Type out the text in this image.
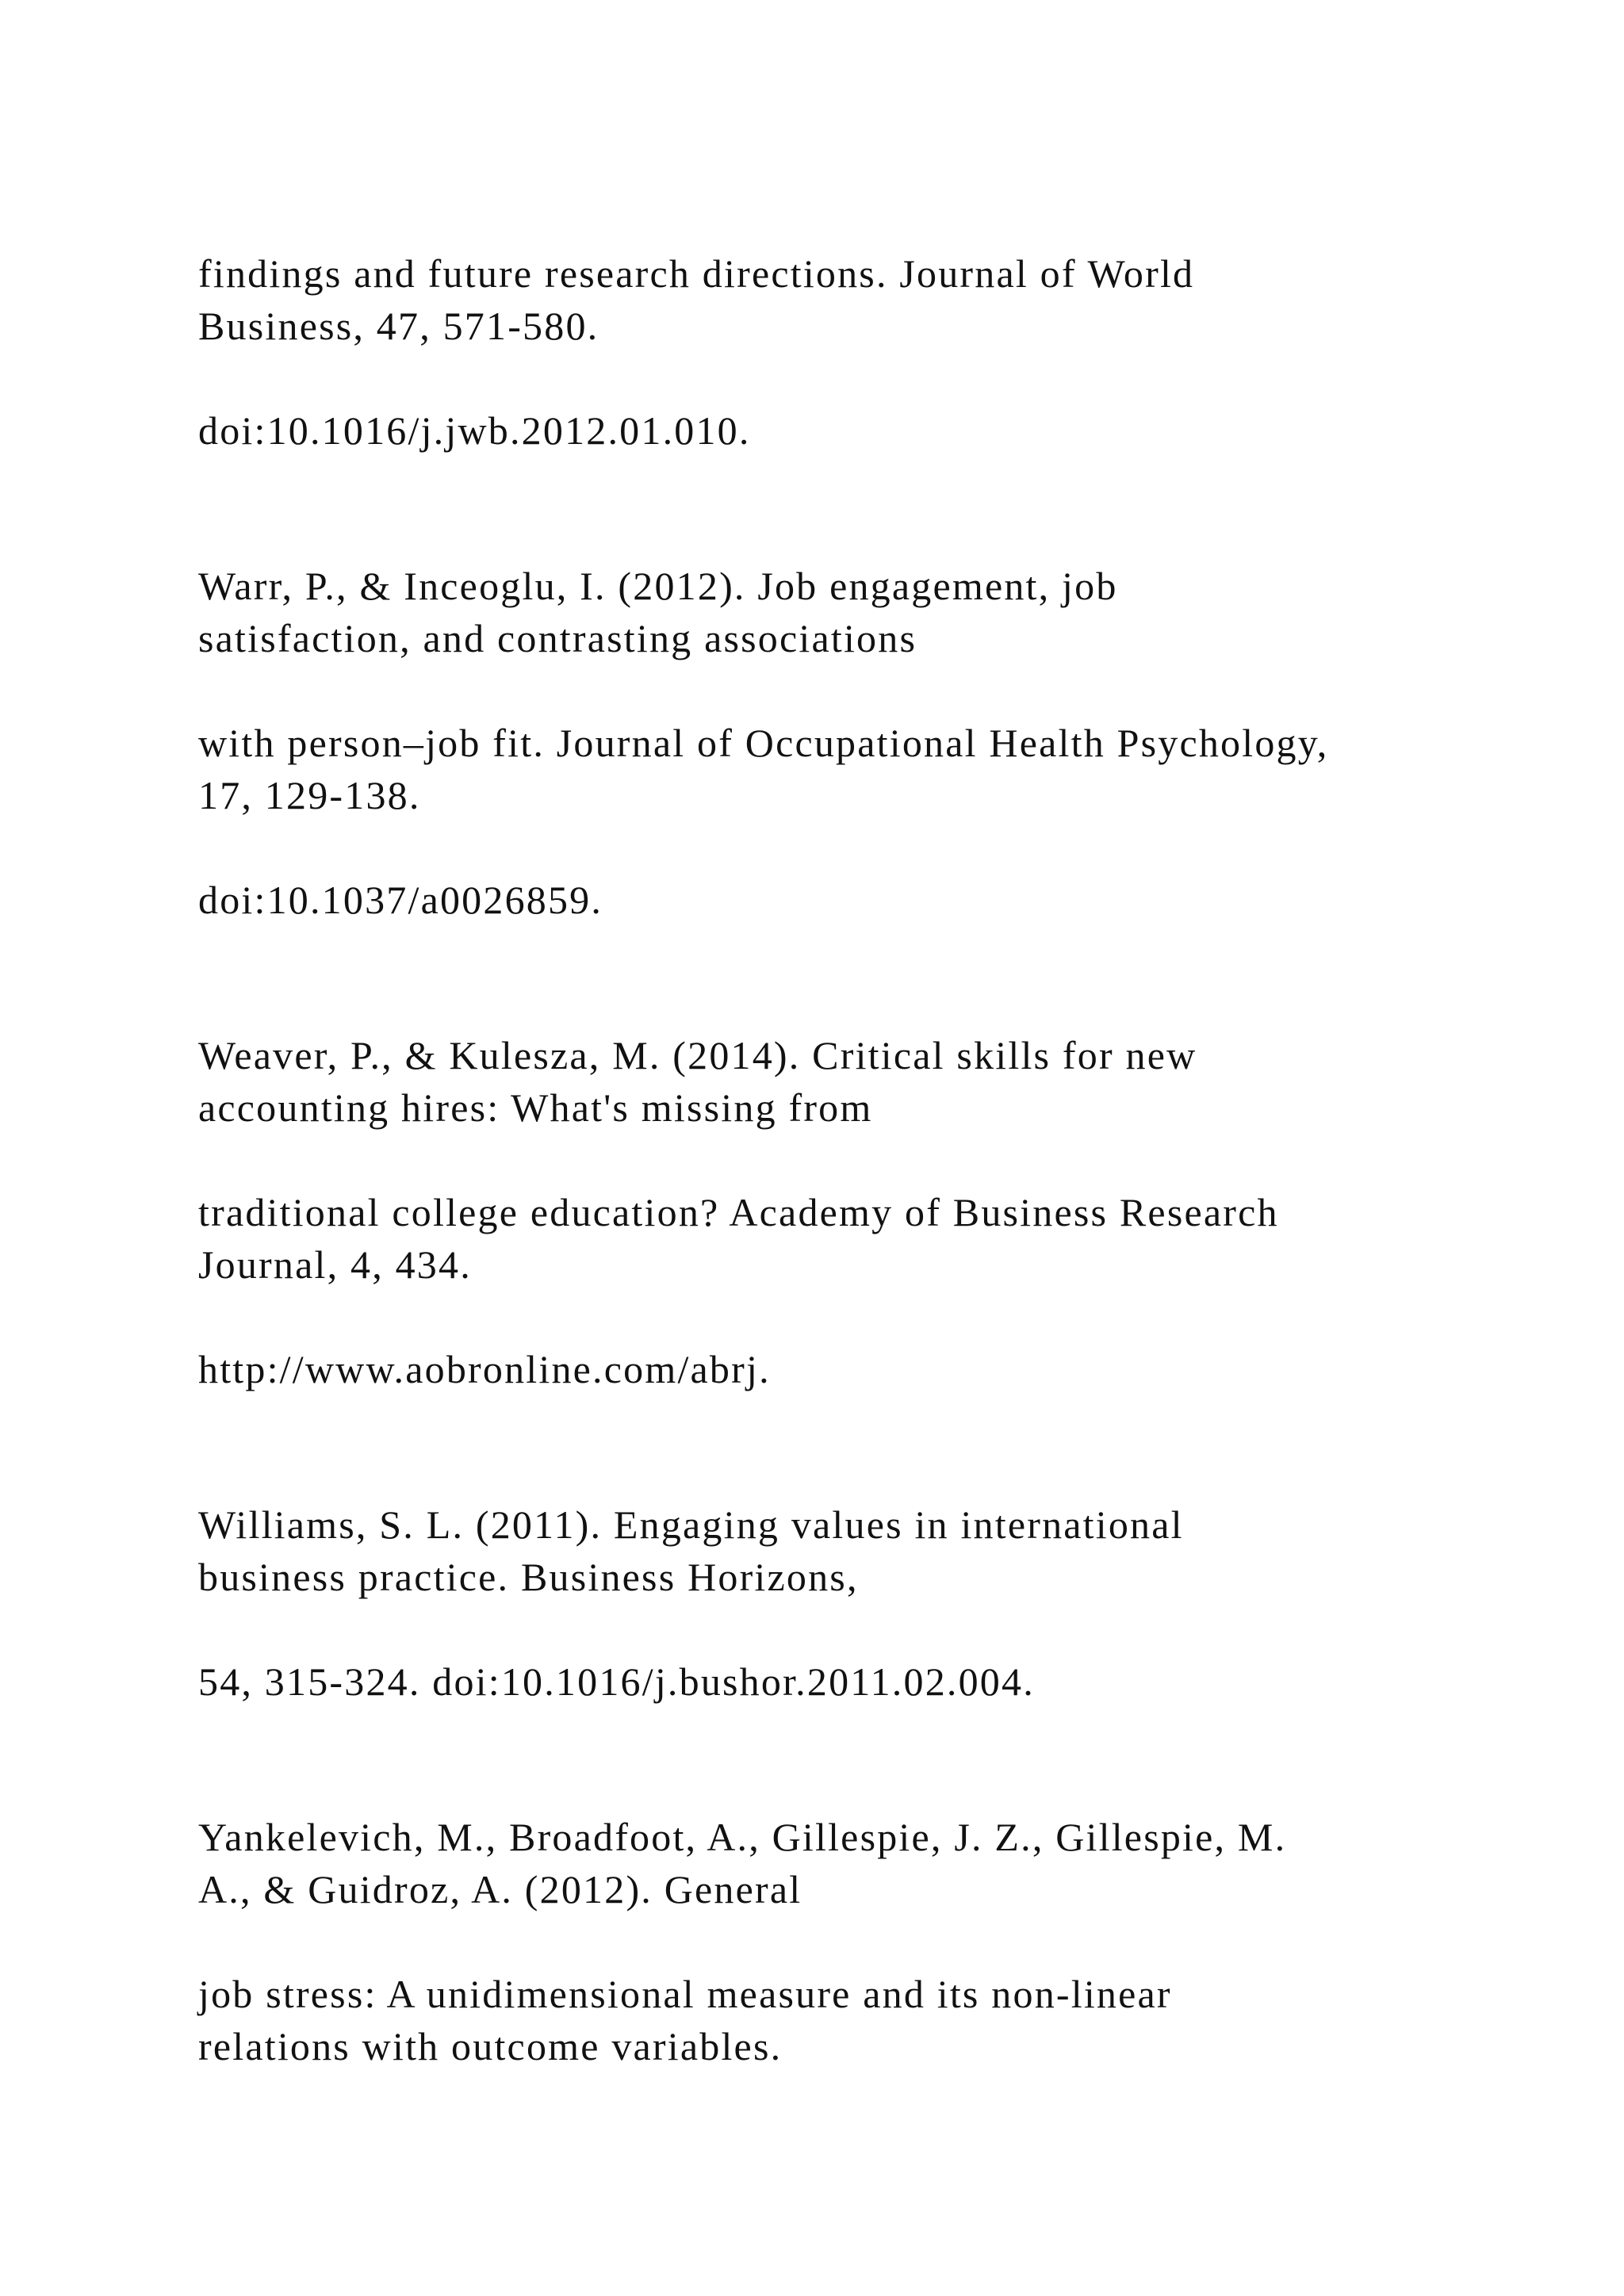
findings and future research directions. Journal of World
Business, 47, 571-580.

doi:10.1016/j.jwb.2012.01.010.

Warr, P., & Inceoglu, I. (2012). Job engagement, job
satisfaction, and contrasting associations

with person–job fit. Journal of Occupational Health Psychology,
17, 129-138.

doi:10.1037/a0026859.

Weaver, P., & Kulesza, M. (2014). Critical skills for new
accounting hires: What's missing from

traditional college education? Academy of Business Research
Journal, 4, 434.

http://www.aobronline.com/abrj.

Williams, S. L. (2011). Engaging values in international
business practice. Business Horizons,

54, 315-324. doi:10.1016/j.bushor.2011.02.004.

Yankelevich, M., Broadfoot, A., Gillespie, J. Z., Gillespie, M.
A., & Guidroz, A. (2012). General

job stress: A unidimensional measure and its non-linear
relations with outcome variables.
